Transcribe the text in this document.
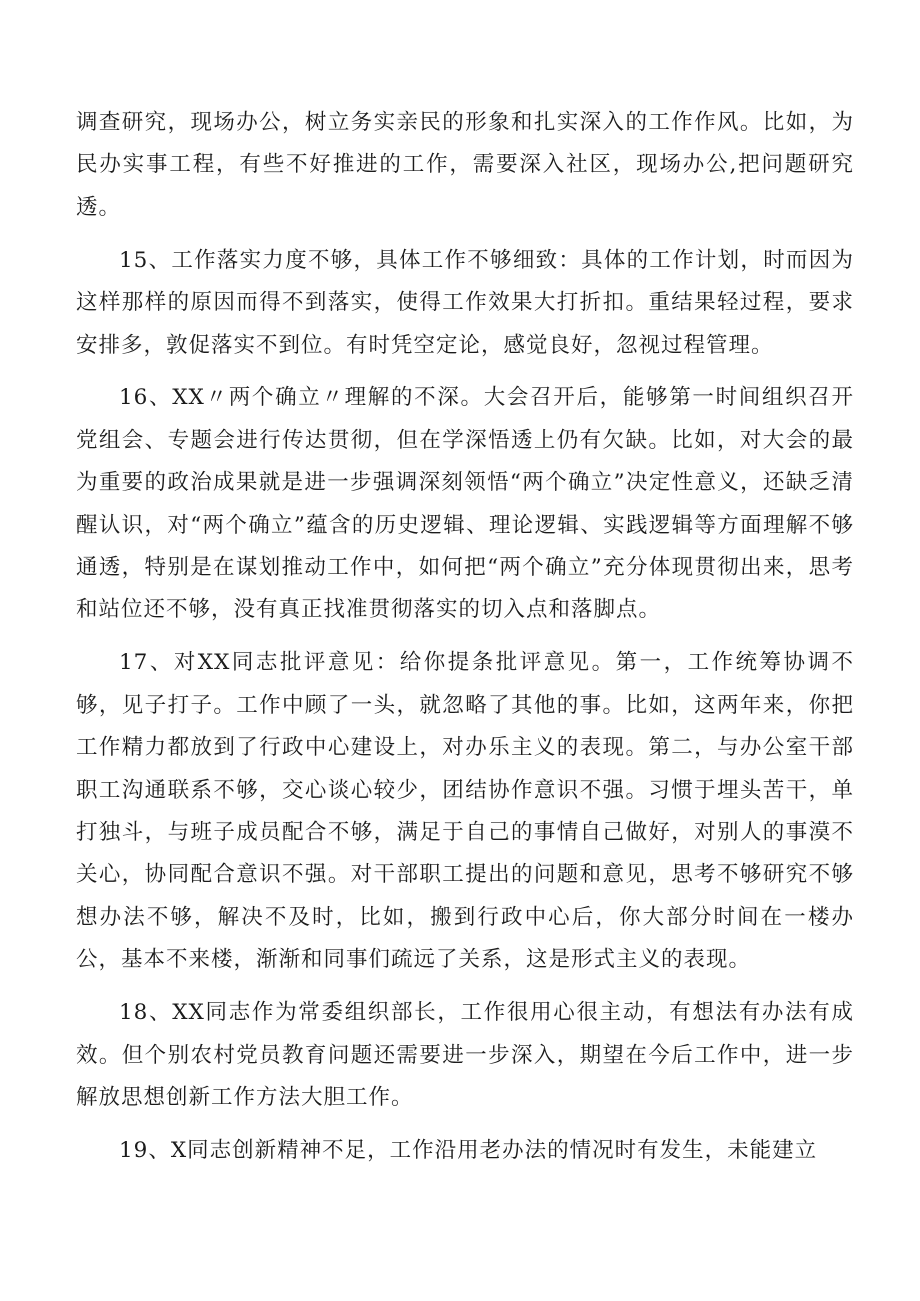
调查研究，现场办公，树立务实亲民的形象和扎实深入的工作作风。比如，为民办实事工程，有些不好推进的工作，需要深入社区，现场办公,把问题研究透。

15、工作落实力度不够，具体工作不够细致：具体的工作计划，时而因为这样那样的原因而得不到落实，使得工作效果大打折扣。重结果轻过程，要求安排多，敦促落实不到位。有时凭空定论，感觉良好，忽视过程管理。

16、XX〃两个确立〃理解的不深。大会召开后，能够第一时间组织召开党组会、专题会进行传达贯彻，但在学深悟透上仍有欠缺。比如，对大会的最为重要的政治成果就是进一步强调深刻领悟“两个确立”决定性意义，还缺乏清醒认识，对“两个确立”蕴含的历史逻辑、理论逻辑、实践逻辑等方面理解不够通透，特别是在谋划推动工作中，如何把“两个确立”充分体现贯彻出来，思考和站位还不够，没有真正找准贯彻落实的切入点和落脚点。

17、对XX同志批评意见：给你提条批评意见。第一，工作统筹协调不够，见子打子。工作中顾了一头，就忽略了其他的事。比如，这两年来，你把工作精力都放到了行政中心建设上，对办乐主义的表现。第二，与办公室干部职工沟通联系不够，交心谈心较少，团结协作意识不强。习惯于埋头苦干，单打独斗，与班子成员配合不够，满足于自己的事情自己做好，对别人的事漠不关心，协同配合意识不强。对干部职工提出的问题和意见，思考不够研究不够想办法不够，解决不及时，比如，搬到行政中心后，你大部分时间在一楼办公，基本不来楼，渐渐和同事们疏远了关系，这是形式主义的表现。

18、XX同志作为常委组织部长，工作很用心很主动，有想法有办法有成效。但个别农村党员教育问题还需要进一步深入，期望在今后工作中，进一步解放思想创新工作方法大胆工作。

19、X同志创新精神不足，工作沿用老办法的情况时有发生，未能建立
